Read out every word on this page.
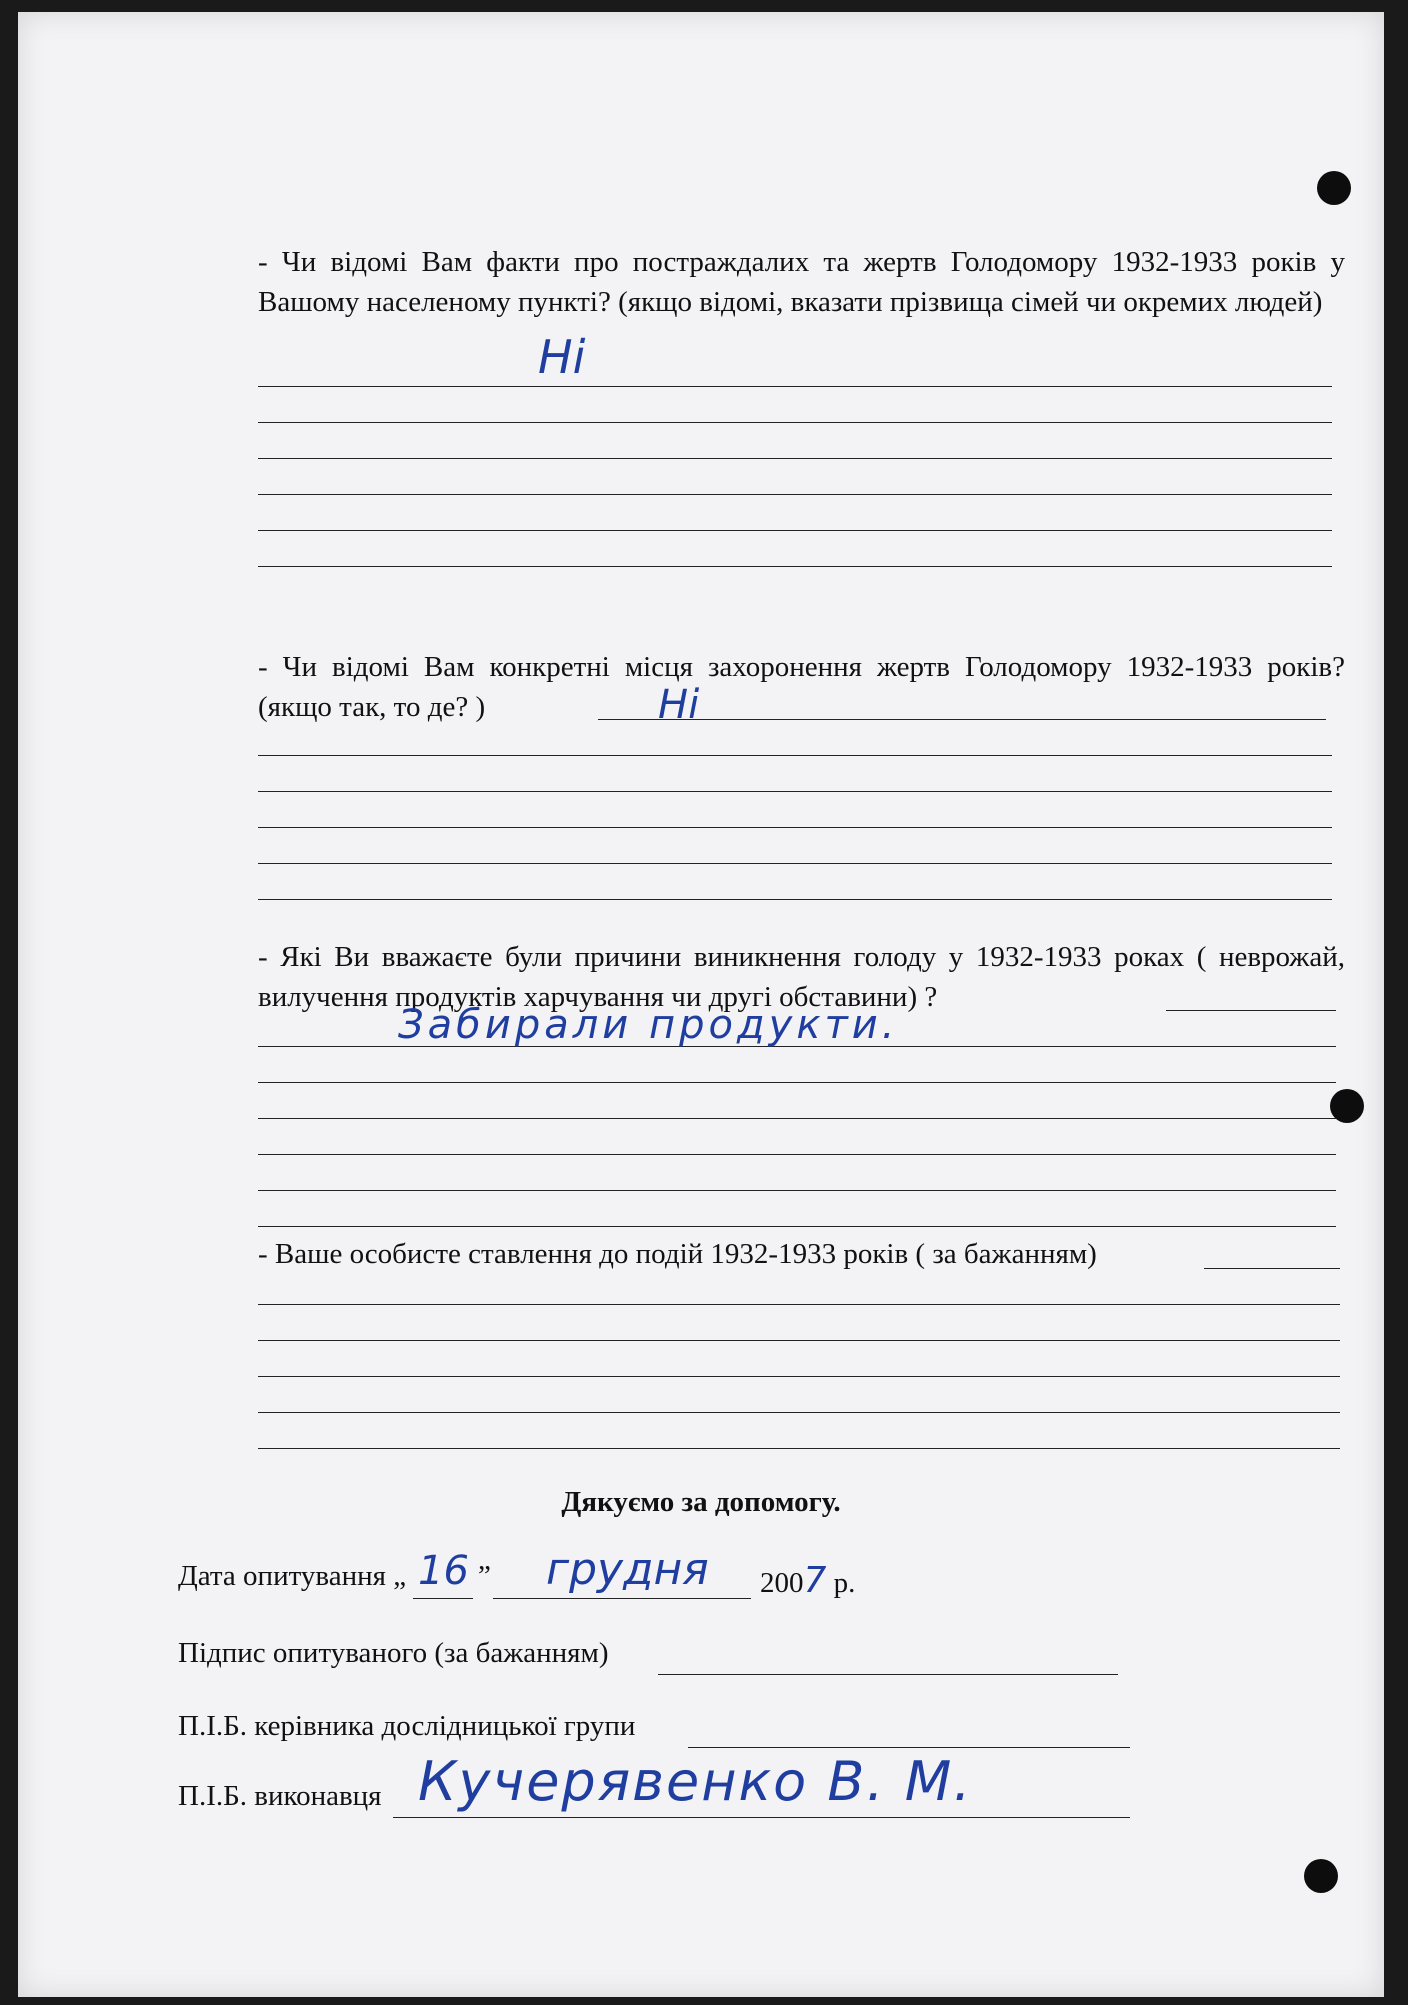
- Чи відомі Вам факти про постраждалих та жертв Голодомору 1932-1933 років у Вашому населеному пункті? (якщо відомі, вказати прізвища сімей чи окремих людей)
Ні
- Чи відомі Вам конкретні місця захоронення жертв Голодомору 1932-1933 років? (якщо так, то де? )	Ні
- Які Ви вважаєте були причини виникнення голоду у 1932-1933 роках ( неврожай, вилучення продуктів харчування чи другі обставини) ?
Забирали продукти.
- Ваше особисте ставлення до подій 1932-1933 років ( за бажанням)
Дякуємо за допомогу.
Дата опитування „ 16 ” грудня 2007 р.
Підпис опитуваного (за бажанням)
П.І.Б. керівника дослідницької групи
П.І.Б. виконавця Кучерявенко В. М.
